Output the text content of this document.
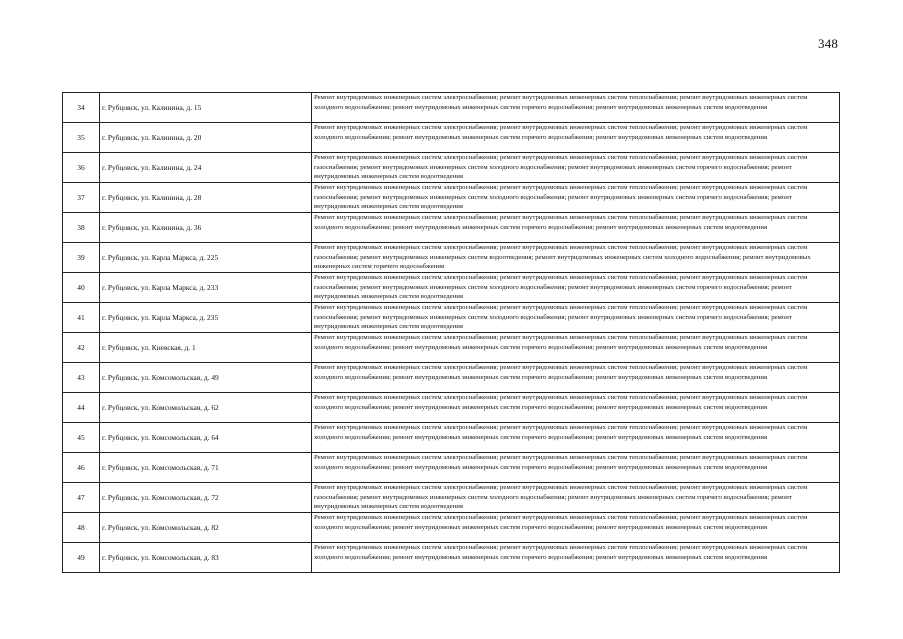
348
34	г. Рубцовск, ул. Калинина, д. 15	Ремонт внутридомовых инженерных систем электроснабжения; ремонт внутридомовых инженерных систем теплоснабжения; ремонт внутридомовых инженерных систем холодного водоснабжения; ремонт внутридомовых инженерных систем горячего водоснабжения; ремонт внутридомовых инженерных систем водоотведения
35	г. Рубцовск, ул. Калинина, д. 20	Ремонт внутридомовых инженерных систем электроснабжения; ремонт внутридомовых инженерных систем теплоснабжения; ремонт внутридомовых инженерных систем холодного водоснабжения; ремонт внутридомовых инженерных систем горячего водоснабжения; ремонт внутридомовых инженерных систем водоотведения
36	г. Рубцовск, ул. Калинина, д. 24	Ремонт внутридомовых инженерных систем электроснабжения; ремонт внутридомовых инженерных систем теплоснабжения; ремонт внутридомовых инженерных систем газоснабжения; ремонт внутридомовых инженерных систем холодного водоснабжения; ремонт внутридомовых инженерных систем горячего водоснабжения; ремонт внутридомовых инженерных систем водоотведения
37	г. Рубцовск, ул. Калинина, д. 28	Ремонт внутридомовых инженерных систем электроснабжения; ремонт внутридомовых инженерных систем теплоснабжения; ремонт внутридомовых инженерных систем газоснабжения; ремонт внутридомовых инженерных систем холодного водоснабжения; ремонт внутридомовых инженерных систем горячего водоснабжения; ремонт внутридомовых инженерных систем водоотведения
38	г. Рубцовск, ул. Калинина, д. 36	Ремонт внутридомовых инженерных систем электроснабжения; ремонт внутридомовых инженерных систем теплоснабжения; ремонт внутридомовых инженерных систем холодного водоснабжения; ремонт внутридомовых инженерных систем горячего водоснабжения; ремонт внутридомовых инженерных систем водоотведения
39	г. Рубцовск, ул. Карла Маркса, д. 225	Ремонт внутридомовых инженерных систем электроснабжения; ремонт внутридомовых инженерных систем теплоснабжения; ремонт внутридомовых инженерных систем газоснабжения; ремонт внутридомовых инженерных систем водоотведения; ремонт внутридомовых инженерных систем холодного водоснабжения; ремонт внутридомовых инженерных систем горячего водоснабжения
40	г. Рубцовск, ул. Карла Маркса, д. 233	Ремонт внутридомовых инженерных систем электроснабжения; ремонт внутридомовых инженерных систем теплоснабжения; ремонт внутридомовых инженерных систем газоснабжения; ремонт внутридомовых инженерных систем холодного водоснабжения; ремонт внутридомовых инженерных систем горячего водоснабжения; ремонт внутридомовых инженерных систем водоотведения
41	г. Рубцовск, ул. Карла Маркса, д. 235	Ремонт внутридомовых инженерных систем электроснабжения; ремонт внутридомовых инженерных систем теплоснабжения; ремонт внутридомовых инженерных систем газоснабжения; ремонт внутридомовых инженерных систем холодного водоснабжения; ремонт внутридомовых инженерных систем горячего водоснабжения; ремонт внутридомовых инженерных систем водоотведения
42	г. Рубцовск, ул. Киевская, д. 1	Ремонт внутридомовых инженерных систем электроснабжения; ремонт внутридомовых инженерных систем теплоснабжения; ремонт внутридомовых инженерных систем холодного водоснабжения; ремонт внутридомовых инженерных систем горячего водоснабжения; ремонт внутридомовых инженерных систем водоотведения
43	г. Рубцовск, ул. Комсомольская, д. 49	Ремонт внутридомовых инженерных систем электроснабжения; ремонт внутридомовых инженерных систем теплоснабжения; ремонт внутридомовых инженерных систем холодного водоснабжения; ремонт внутридомовых инженерных систем горячего водоснабжения; ремонт внутридомовых инженерных систем водоотведения
44	г. Рубцовск, ул. Комсомольская, д. 62	Ремонт внутридомовых инженерных систем электроснабжения; ремонт внутридомовых инженерных систем теплоснабжения; ремонт внутридомовых инженерных систем холодного водоснабжения; ремонт внутридомовых инженерных систем горячего водоснабжения; ремонт внутридомовых инженерных систем водоотведения
45	г. Рубцовск, ул. Комсомольская, д. 64	Ремонт внутридомовых инженерных систем электроснабжения; ремонт внутридомовых инженерных систем теплоснабжения; ремонт внутридомовых инженерных систем холодного водоснабжения; ремонт внутридомовых инженерных систем горячего водоснабжения; ремонт внутридомовых инженерных систем водоотведения
46	г. Рубцовск, ул. Комсомольская, д. 71	Ремонт внутридомовых инженерных систем электроснабжения; ремонт внутридомовых инженерных систем теплоснабжения; ремонт внутридомовых инженерных систем холодного водоснабжения; ремонт внутридомовых инженерных систем горячего водоснабжения; ремонт внутридомовых инженерных систем водоотведения
47	г. Рубцовск, ул. Комсомольская, д. 72	Ремонт внутридомовых инженерных систем электроснабжения; ремонт внутридомовых инженерных систем теплоснабжения; ремонт внутридомовых инженерных систем газоснабжения; ремонт внутридомовых инженерных систем холодного водоснабжения; ремонт внутридомовых инженерных систем горячего водоснабжения; ремонт внутридомовых инженерных систем водоотведения
48	г. Рубцовск, ул. Комсомольская, д. 82	Ремонт внутридомовых инженерных систем электроснабжения; ремонт внутридомовых инженерных систем теплоснабжения; ремонт внутридомовых инженерных систем холодного водоснабжения; ремонт внутридомовых инженерных систем горячего водоснабжения; ремонт внутридомовых инженерных систем водоотведения
49	г. Рубцовск, ул. Комсомольская, д. 83	Ремонт внутридомовых инженерных систем электроснабжения; ремонт внутридомовых инженерных систем теплоснабжения; ремонт внутридомовых инженерных систем холодного водоснабжения; ремонт внутридомовых инженерных систем горячего водоснабжения; ремонт внутридомовых инженерных систем водоотведения
